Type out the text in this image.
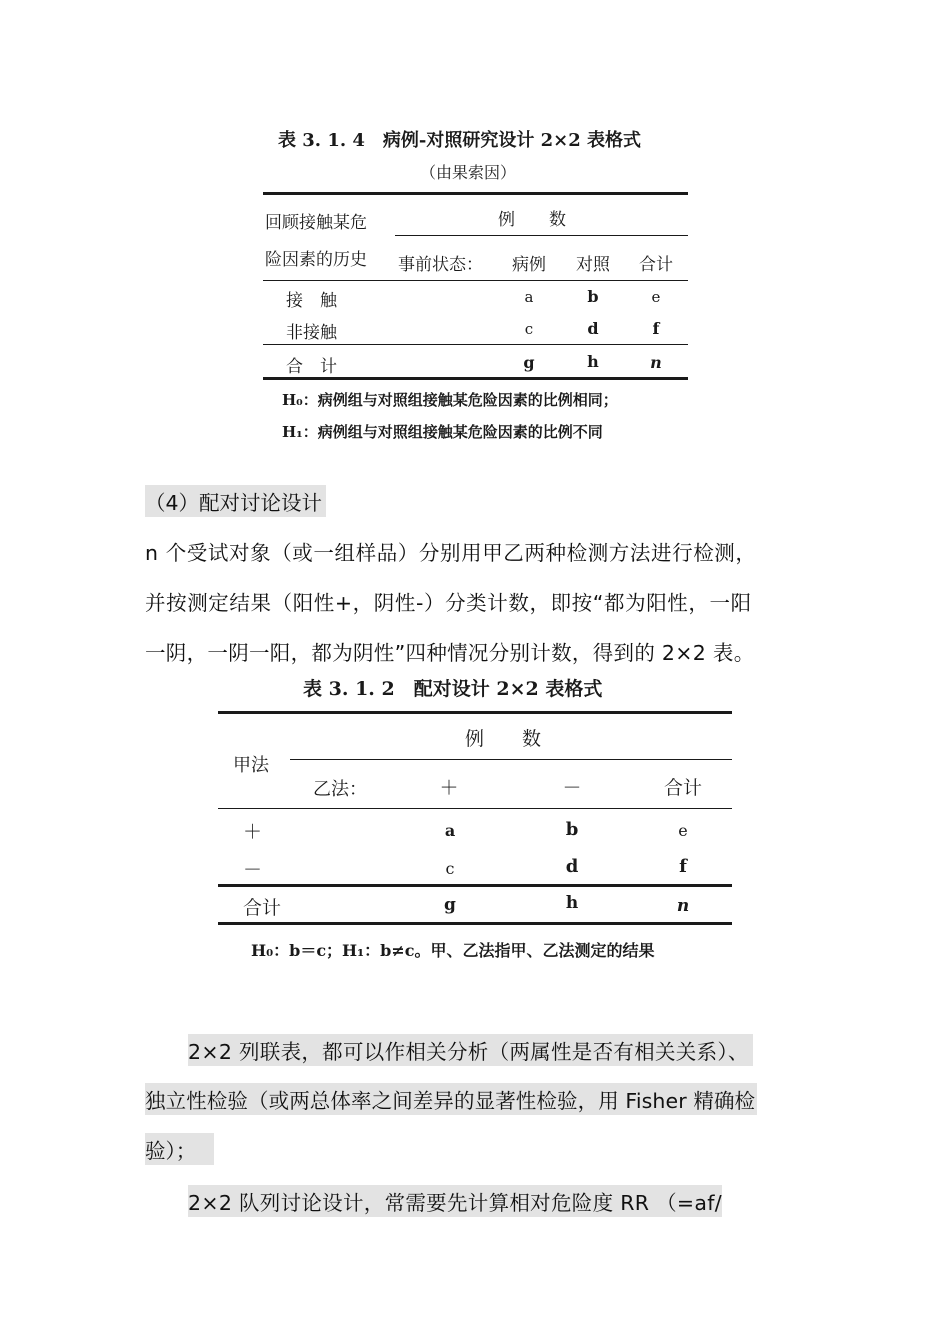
表 3. 1. 4　病例-对照研究设计 2×2 表格式
（由果索因）
回顾接触某危
险因素的历史
例　　数
事前状态： 病例 对照 合计
接　触	a	b	e
非接触	c	d	f
合　计	g	h	n
H₀：病例组与对照组接触某危险因素的比例相同；
H₁：病例组与对照组接触某危险因素的比例不同
（4）配对讨论设计
n 个受试对象（或一组样品）分别用甲乙两种检测方法进行检测，
并按测定结果（阳性+，阴性-）分类计数，即按“都为阳性，一阳
一阴，一阴一阳，都为阴性”四种情况分别计数，得到的 2×2 表。
表 3. 1. 2　配对设计 2×2 表格式
甲法
例　　数
乙法：	＋	－	合计
＋	a	b	e
－	c	d	f
合计	g	h	n
H₀：b＝c；H₁：b≠c。甲、乙法指甲、乙法测定的结果
2×2 列联表，都可以作相关分析（两属性是否有相关关系）、
独立性检验（或两总体率之间差异的显著性检验，用 Fisher 精确检
验）；
2×2 队列讨论设计，常需要先计算相对危险度 RR （=af/
